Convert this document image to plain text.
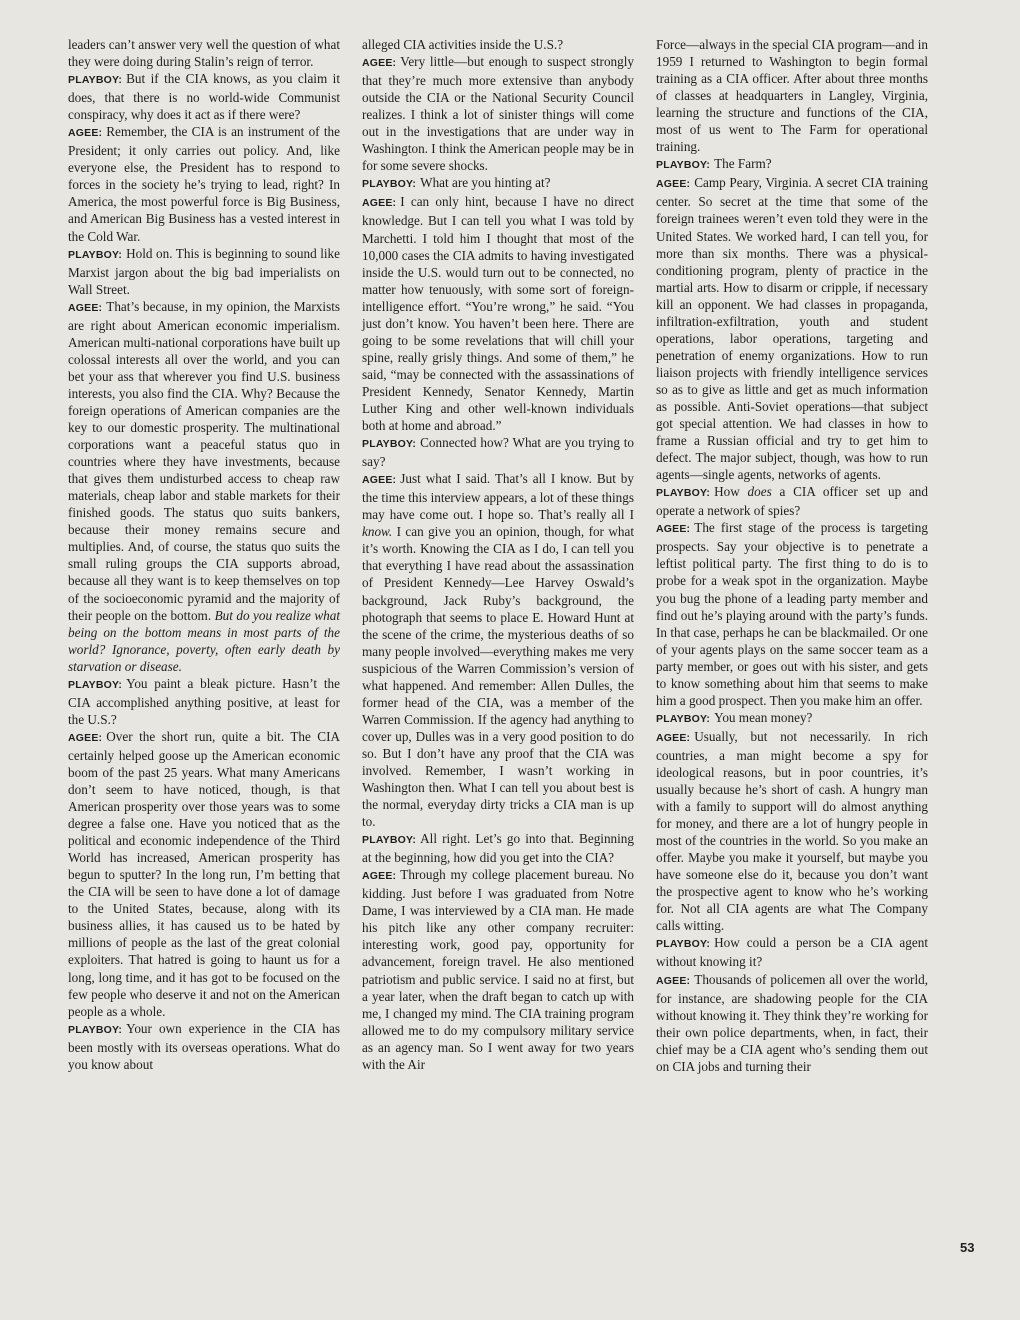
leaders can’t answer very well the question of what they were doing during Stalin’s reign of terror.

PLAYBOY: But if the CIA knows, as you claim it does, that there is no world-wide Communist conspiracy, why does it act as if there were?

AGEE: Remember, the CIA is an instrument of the President; it only carries out policy. And, like everyone else, the President has to respond to forces in the society he’s trying to lead, right? In America, the most powerful force is Big Business, and American Big Business has a vested interest in the Cold War.

PLAYBOY: Hold on. This is beginning to sound like Marxist jargon about the big bad imperialists on Wall Street.

AGEE: That’s because, in my opinion, the Marxists are right about American economic imperialism. American multi-national corporations have built up colossal interests all over the world, and you can bet your ass that wherever you find U.S. business interests, you also find the CIA. Why? Because the foreign operations of American companies are the key to our domestic prosperity. The multinational corporations want a peaceful status quo in countries where they have investments, because that gives them undisturbed access to cheap raw materials, cheap labor and stable markets for their finished goods. The status quo suits bankers, because their money remains secure and multiplies. And, of course, the status quo suits the small ruling groups the CIA supports abroad, because all they want is to keep themselves on top of the socioeconomic pyramid and the majority of their people on the bottom. But do you realize what being on the bottom means in most parts of the world? Ignorance, poverty, often early death by starvation or disease.

PLAYBOY: You paint a bleak picture. Hasn’t the CIA accomplished anything positive, at least for the U.S.?

AGEE: Over the short run, quite a bit. The CIA certainly helped goose up the American economic boom of the past 25 years. What many Americans don’t seem to have noticed, though, is that American prosperity over those years was to some degree a false one. Have you noticed that as the political and economic independence of the Third World has increased, American prosperity has begun to sputter? In the long run, I’m betting that the CIA will be seen to have done a lot of damage to the United States, because, along with its business allies, it has caused us to be hated by millions of people as the last of the great colonial exploiters. That hatred is going to haunt us for a long, long time, and it has got to be focused on the few people who deserve it and not on the American people as a whole.

PLAYBOY: Your own experience in the CIA has been mostly with its overseas operations. What do you know about

alleged CIA activities inside the U.S.?

AGEE: Very little—but enough to suspect strongly that they’re much more extensive than anybody outside the CIA or the National Security Council realizes. I think a lot of sinister things will come out in the investigations that are under way in Washington. I think the American people may be in for some severe shocks.

PLAYBOY: What are you hinting at?

AGEE: I can only hint, because I have no direct knowledge. But I can tell you what I was told by Marchetti. I told him I thought that most of the 10,000 cases the CIA admits to having investigated inside the U.S. would turn out to be connected, no matter how tenuously, with some sort of foreign-intelligence effort. “You’re wrong,” he said. “You just don’t know. You haven’t been here. There are going to be some revelations that will chill your spine, really grisly things. And some of them,” he said, “may be connected with the assassinations of President Kennedy, Senator Kennedy, Martin Luther King and other well-known individuals both at home and abroad.”

PLAYBOY: Connected how? What are you trying to say?

AGEE: Just what I said. That’s all I know. But by the time this interview appears, a lot of these things may have come out. I hope so. That’s really all I know. I can give you an opinion, though, for what it’s worth. Knowing the CIA as I do, I can tell you that everything I have read about the assassination of President Kennedy—Lee Harvey Oswald’s background, Jack Ruby’s background, the photograph that seems to place E. Howard Hunt at the scene of the crime, the mysterious deaths of so many people involved—everything makes me very suspicious of the Warren Commission’s version of what happened. And remember: Allen Dulles, the former head of the CIA, was a member of the Warren Commission. If the agency had anything to cover up, Dulles was in a very good position to do so. But I don’t have any proof that the CIA was involved. Remember, I wasn’t working in Washington then. What I can tell you about best is the normal, everyday dirty tricks a CIA man is up to.

PLAYBOY: All right. Let’s go into that. Beginning at the beginning, how did you get into the CIA?

AGEE: Through my college placement bureau. No kidding. Just before I was graduated from Notre Dame, I was interviewed by a CIA man. He made his pitch like any other company recruiter: interesting work, good pay, opportunity for advancement, foreign travel. He also mentioned patriotism and public service. I said no at first, but a year later, when the draft began to catch up with me, I changed my mind. The CIA training program allowed me to do my compulsory military service as an agency man. So I went away for two years with the Air

Force—always in the special CIA program—and in 1959 I returned to Washington to begin formal training as a CIA officer. After about three months of classes at headquarters in Langley, Virginia, learning the structure and functions of the CIA, most of us went to The Farm for operational training.

PLAYBOY: The Farm?

AGEE: Camp Peary, Virginia. A secret CIA training center. So secret at the time that some of the foreign trainees weren’t even told they were in the United States. We worked hard, I can tell you, for more than six months. There was a physical-conditioning program, plenty of practice in the martial arts. How to disarm or cripple, if necessary kill an opponent. We had classes in propaganda, infiltration-exfiltration, youth and student operations, labor operations, targeting and penetration of enemy organizations. How to run liaison projects with friendly intelligence services so as to give as little and get as much information as possible. Anti-Soviet operations—that subject got special attention. We had classes in how to frame a Russian official and try to get him to defect. The major subject, though, was how to run agents—single agents, networks of agents.

PLAYBOY: How does a CIA officer set up and operate a network of spies?

AGEE: The first stage of the process is targeting prospects. Say your objective is to penetrate a leftist political party. The first thing to do is to probe for a weak spot in the organization. Maybe you bug the phone of a leading party member and find out he’s playing around with the party’s funds. In that case, perhaps he can be blackmailed. Or one of your agents plays on the same soccer team as a party member, or goes out with his sister, and gets to know something about him that seems to make him a good prospect. Then you make him an offer.

PLAYBOY: You mean money?

AGEE: Usually, but not necessarily. In rich countries, a man might become a spy for ideological reasons, but in poor countries, it’s usually because he’s short of cash. A hungry man with a family to support will do almost anything for money, and there are a lot of hungry people in most of the countries in the world. So you make an offer. Maybe you make it yourself, but maybe you have someone else do it, because you don’t want the prospective agent to know who he’s working for. Not all CIA agents are what The Company calls witting.

PLAYBOY: How could a person be a CIA agent without knowing it?

AGEE: Thousands of policemen all over the world, for instance, are shadowing people for the CIA without knowing it. They think they’re working for their own police departments, when, in fact, their chief may be a CIA agent who’s sending them out on CIA jobs and turning their

53
